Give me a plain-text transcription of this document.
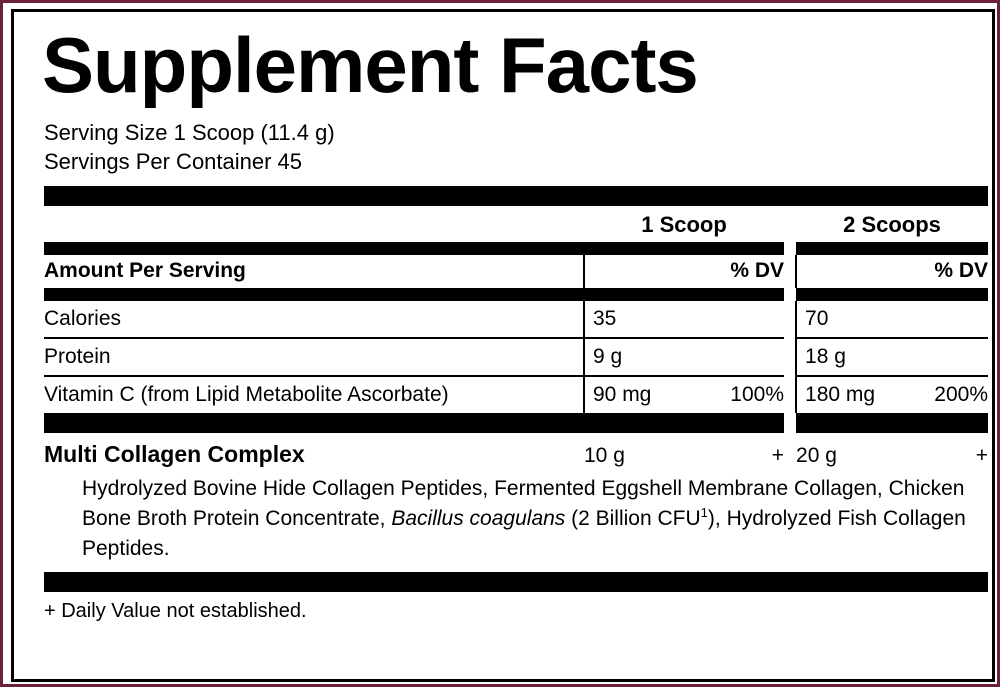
Supplement Facts
Serving Size 1 Scoop (11.4 g)
Servings Per Container 45
	1 Scoop			2 Scoops	

Amount Per Serving		% DV			% DV

Calories	35			70	

Protein	9 g			18 g	

Vitamin C (from Lipid Metabolite Ascorbate)	90 mg	100%		180 mg	200%

Multi Collagen Complex	10 g	+		20 g	+
Hydrolyzed Bovine Hide Collagen Peptides, Fermented Eggshell Membrane Collagen, Chicken Bone Broth Protein Concentrate, Bacillus coagulans (2 Billion CFU$^1$), Hydrolyzed Fish Collagen Peptides.
+ Daily Value not established.
